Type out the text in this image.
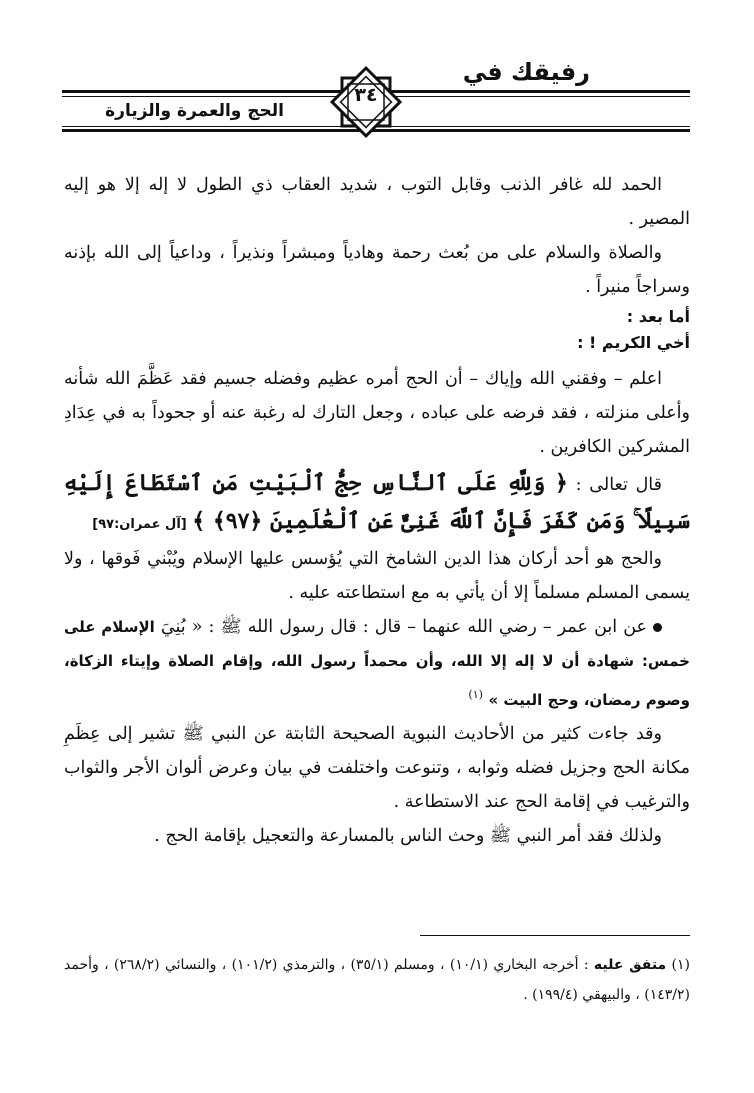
رفيقك في
الحج والعمرة والزيارة
٣٤

الحمد لله غافر الذنب وقابل التوب ، شديد العقاب ذي الطول لا إله إلا هو إليه المصير .

والصلاة والسلام على من بُعث رحمة وهادياً ومبشراً ونذيراً ، وداعياً إلى الله بإذنه وسراجاً منيراً .

أما بعد :

أخي الكريم ! :

اعلم – وفقني الله وإياك – أن الحج أمره عظيم وفضله جسيم فقد عَظَّمَ الله شأنه وأعلى منزلته ، فقد فرضه على عباده ، وجعل التارك له رغبة عنه أو جحوداً به في عِدَادِ المشركين الكافرين .

قال تعالى : ﴿ وَلِلَّهِ عَلَى ٱلنَّاسِ حِجُّ ٱلْبَيْتِ مَنِ ٱسْتَطَاعَ إِلَيْهِ سَبِيلًا ۚ وَمَن كَفَرَ فَإِنَّ ٱللَّهَ غَنِىٌّ عَنِ ٱلْعَٰلَمِينَ ﴿٩٧﴾ ﴾ [آل عمران:٩٧]

والحج هو أحد أركان هذا الدين الشامخ التي يُؤسس عليها الإسلام ويُبْني فَوقها ، ولا يسمى المسلم مسلماً إلا أن يأتي به مع استطاعته عليه .

عن ابن عمر – رضي الله عنهما – قال : قال رسول الله ﷺ : « بُنِيَ الإسلام على خمس: شهادة أن لا إله إلا الله، وأن محمداً رسول الله، وإقام الصلاة وإيتاء الزكاة، وصوم رمضان، وحج البيت » $^{(١)}$

وقد جاءت كثير من الأحاديث النبوية الصحيحة الثابتة عن النبي ﷺ تشير إلى عِظَمِ مكانة الحج وجزيل فضله وثوابه ، وتنوعت واختلفت في بيان وعرض ألوان الأجر والثواب والترغيب في إقامة الحج عند الاستطاعة .

ولذلك فقد أمر النبي ﷺ وحث الناس بالمسارعة والتعجيل بإقامة الحج .

(١) متفق عليه : أخرجه البخاري (١٠/١) ، ومسلم (٣٥/١) ، والترمذي (١٠١/٢) ، والنسائي (٢٦٨/٢) ، وأحمد (١٤٣/٢) ، والبيهقي (١٩٩/٤) .
